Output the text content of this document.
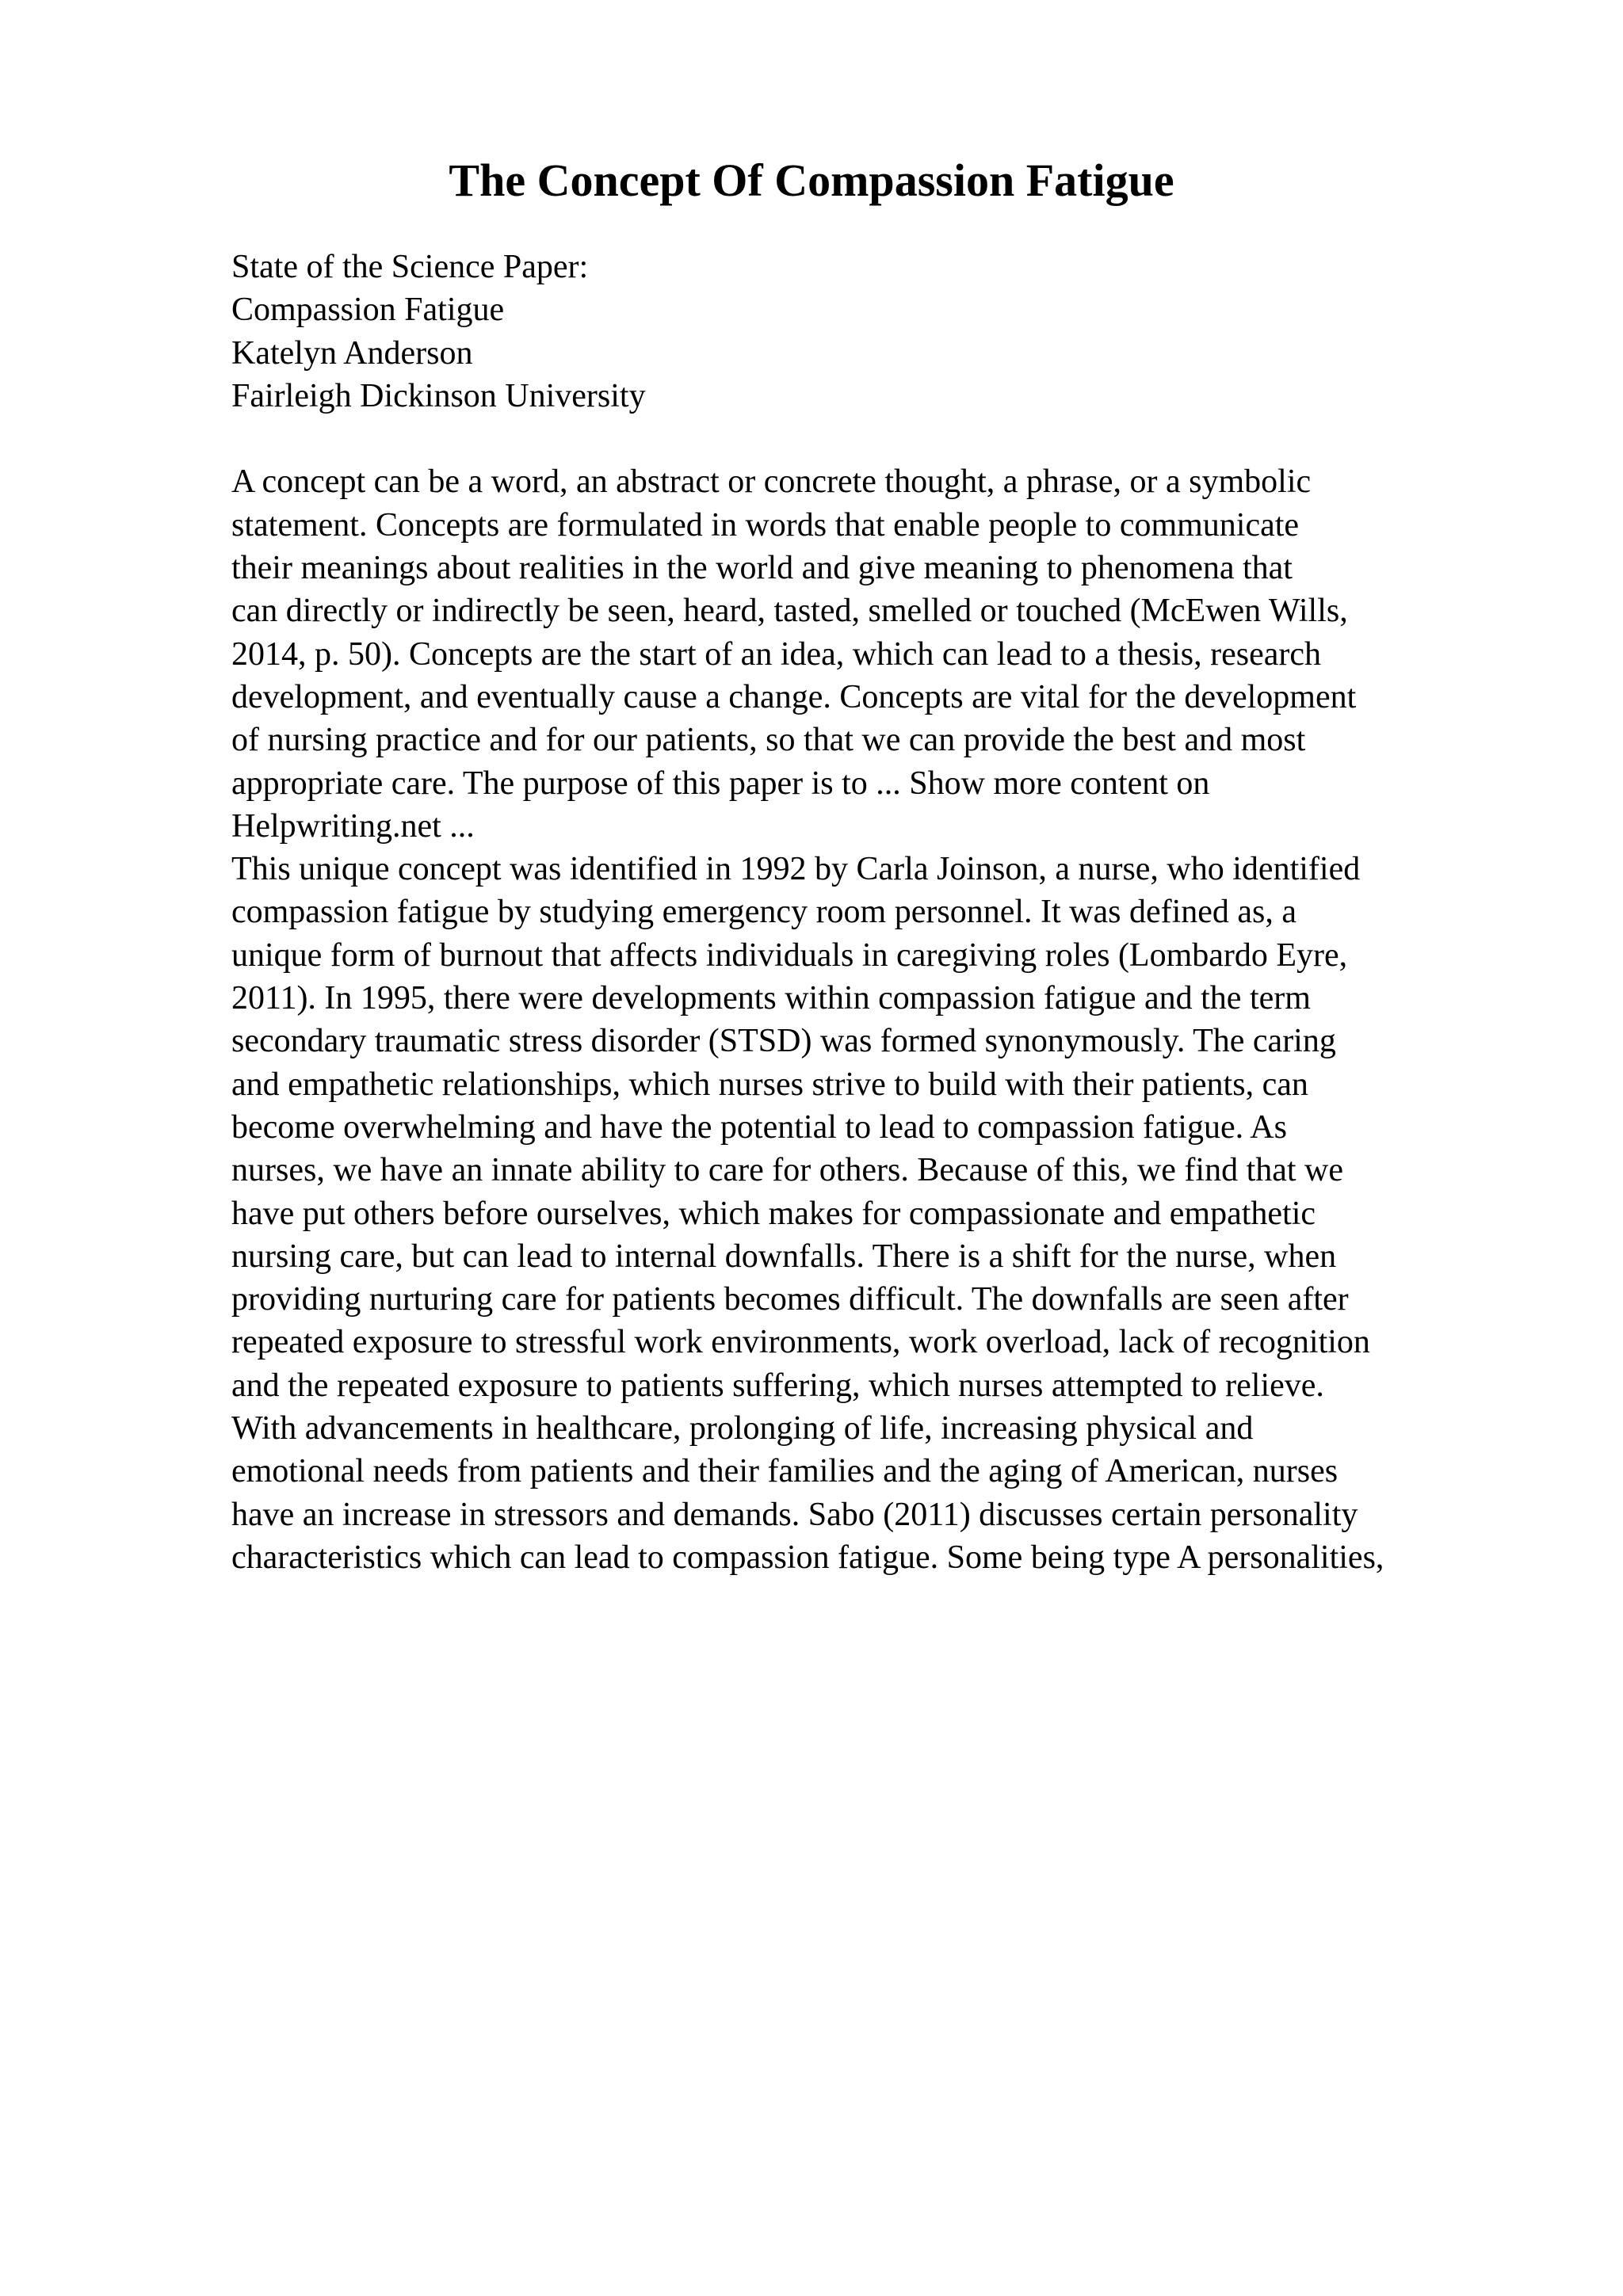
The Concept Of Compassion Fatigue
State of the Science Paper:
Compassion Fatigue
Katelyn Anderson
Fairleigh Dickinson University
A concept can be a word, an abstract or concrete thought, a phrase, or a symbolic
statement. Concepts are formulated in words that enable people to communicate
their meanings about realities in the world and give meaning to phenomena that
can directly or indirectly be seen, heard, tasted, smelled or touched (McEwen Wills,
2014, p. 50). Concepts are the start of an idea, which can lead to a thesis, research
development, and eventually cause a change. Concepts are vital for the development
of nursing practice and for our patients, so that we can provide the best and most
appropriate care. The purpose of this paper is to ... Show more content on
Helpwriting.net ...
This unique concept was identified in 1992 by Carla Joinson, a nurse, who identified
compassion fatigue by studying emergency room personnel. It was defined as, a
unique form of burnout that affects individuals in caregiving roles (Lombardo Eyre,
2011). In 1995, there were developments within compassion fatigue and the term
secondary traumatic stress disorder (STSD) was formed synonymously. The caring
and empathetic relationships, which nurses strive to build with their patients, can
become overwhelming and have the potential to lead to compassion fatigue. As
nurses, we have an innate ability to care for others. Because of this, we find that we
have put others before ourselves, which makes for compassionate and empathetic
nursing care, but can lead to internal downfalls. There is a shift for the nurse, when
providing nurturing care for patients becomes difficult. The downfalls are seen after
repeated exposure to stressful work environments, work overload, lack of recognition
and the repeated exposure to patients suffering, which nurses attempted to relieve.
With advancements in healthcare, prolonging of life, increasing physical and
emotional needs from patients and their families and the aging of American, nurses
have an increase in stressors and demands. Sabo (2011) discusses certain personality
characteristics which can lead to compassion fatigue. Some being type A personalities,
